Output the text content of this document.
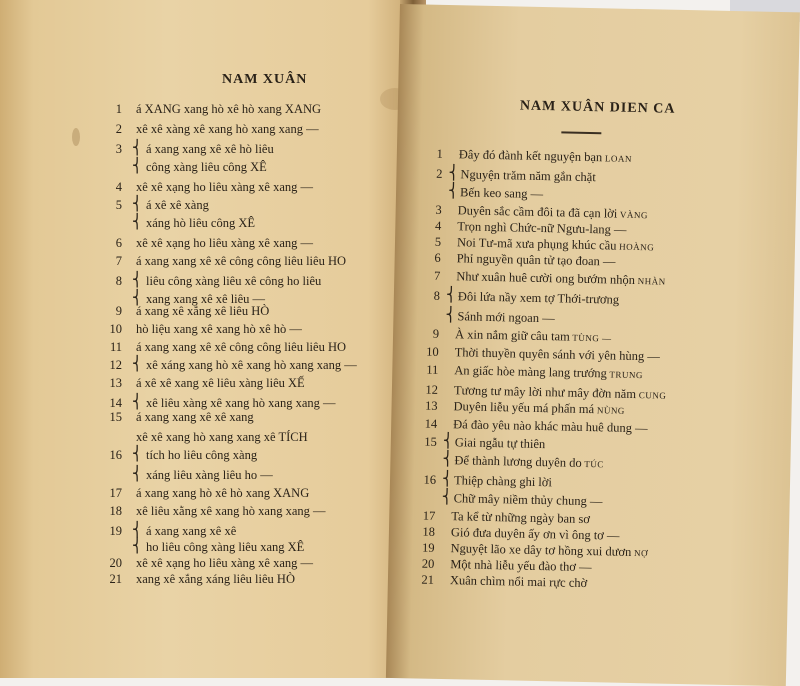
NAM XUÂN
1 á XANG xang hò xê hò xang XANG
2 xê xê xàng xê xang hò xang xang —
3 ⎨ á xang xang xê xê hò liêu
⎨ công xàng liêu công XÊ
4 xê xê xạng ho liêu xàng xê xang —
5 ⎨ á xê xê xàng
⎨ xáng hò liêu công XÊ
6 xê xê xạng ho liêu xàng xê xang —
7 á xang xang xê xê công công liêu liêu HO
8 ⎨ liêu công xàng liêu xê công ho liêu
⎨ xang xang xê xê liêu —
9 á xang xê xắng xê liêu HÒ
10 hò liệu xang xê xang hò xê hò —
11 á xang xang xê xê công công liêu liêu HO
12 ⎨ xê xáng xang hò xê xang hò xang xang —
13 á xê xê xang xê liêu xàng liêu XẾ
14 ⎨ xê liêu xàng xê xang hò xang xang —
15 á xang xang xê xê xang
xê xê xang hò xang xang xê TÍCH
16 ⎨ tích ho liêu công xàng
⎨ xáng liêu xàng liêu ho —
17 á xang xang hò xê hò xang XANG
18 xê liêu xằng xê xang hò xang xang —
19 ⎨ á xang xang xê xê
⎨ ho liêu công xàng liêu xang XÊ
20 xê xê xạng ho liêu xàng xê xang —
21 xang xê xắng xáng liêu liêu HÒ
NAM XUÂN DIEN CA
1 Đây đó đành kết nguyện bạn LOAN
2 ⎨ Nguyện trăm năm gắn chặt
⎨ Bến keo sang —
3 Duyên sắc cầm đôi ta đã cạn lời VÀNG
4 Trọn nghì Chức-nữ Ngưu-lang —
5 Noi Tư-mã xưa phụng khúc cầu HOÀNG
6 Phỉ nguyền quân tử tạo đoan —
7 Như xuân huê cười ong bướm nhộn NHÀN
8 ⎨ Đôi lứa nầy xem tợ Thới-trương
⎨ Sánh mới ngoan —
9 À xin nắm giữ câu tam TÙNG —
10 Thời thuyền quyên sánh với yên hùng —
11 An giấc hòe màng lang trướng TRUNG
12 Tương tư mây lời như mây đờn năm CUNG
13 Duyên liễu yếu má phấn má NÙNG
14 Đá đào yêu nào khác màu huê dung —
15 ⎨ Giai ngẫu tự thiên
⎨ Để thành lương duyên do TÚC
16 ⎨ Thiệp chàng ghi lời
⎨ Chữ mây niềm thủy chung —
17 Ta kể từ những ngày ban sơ
18 Gió đưa duyên ấy ơn vì ông tơ —
19 Nguyệt lão xe dây tơ hồng xui dươn NỢ
20 Một nhà liễu yếu đào thơ —
21 Xuân chìm nổi mai rực chờ
